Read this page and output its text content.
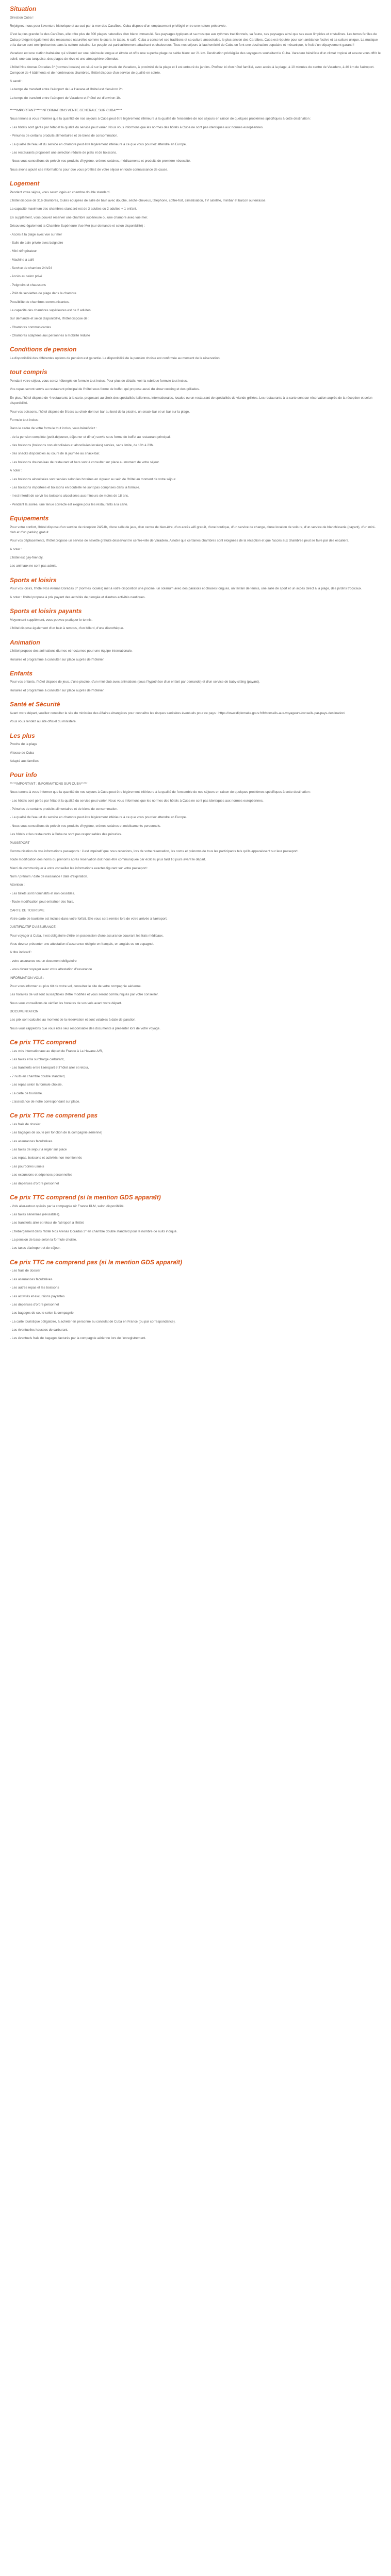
Situation

Direction Cuba !

Rejoignez-nous pour l'aventure historique et au sud par la mer des Caraïbes, Cuba dispose d'un emplacement privilégié entre une nature préservée.

C'est la plus grande île des Caraïbes, elle offre plus de 300 plages naturelles d'un blanc immaculé. Ses paysages typiques et sa musique aux rythmes traditionnels, sa faune, ses paysages ainsi que ses eaux limpides et cristallines. Les terres fertiles de Cuba protègent également des ressources naturelles comme le sucre, le tabac, le café. Cuba a conservé ses traditions et sa culture ancestrales, le plus ancien des Caraïbes. Cuba est réputée pour son ambiance festive et sa culture unique. La musique et la danse sont omniprésentes dans la culture cubaine. Le peuple est particulièrement attachant et chaleureux. Tous nos séjours à l'authenticité de Cuba en font une destination populaire et mécanique, le fruit d'un dépaysement garanti !

Varadero est une station balnéaire qui s'étend sur une péninsule longue et étroite et offre une superbe plage de sable blanc sur 21 km. Destination privilégiée des voyageurs souhaitant le Cuba. Varadero bénéficie d'un climat tropical et assure vous offrir le soleil, une eau turquoise, des plages de rêve et une atmosphère détendue.

L'hôtel Nos Arenas Doradas 3* (normes locales) est situé sur la péninsule de Varadero, à proximité de la plage et il est entouré de jardins. Profitez ici d'un hôtel familial, avec accès à la plage, à 10 minutes du centre de Varadero, à 40 km de l'aéroport. Composé de 4 bâtiments et de nombreuses chambres, l'hôtel dispose d'un service de qualité en soirée.

A savoir :

La temps de transfert entre l'aéroport de La Havane et l'hôtel est d'environ 2h.

La temps de transfert entre l'aéroport de Varadero et l'hôtel est d'environ 1h.

*****IMPORTANT*****INFORMATIONS VENTE GENERALE SUR CUBA*****

Nous tenons à vous informer que la quantité de nos séjours à Cuba peut être légèrement inférieure à la qualité de l'ensemble de nos séjours en raison de quelques problèmes spécifiques à cette destination :

- Les hôtels sont gérés par l'état et la qualité du service peut varier. Nous vous informons que les normes des hôtels à Cuba ne sont pas identiques aux normes européennes.

- Pénuries de certains produits alimentaires et de biens de consommation.

- La qualité de l'eau et du service en chambre peut être légèrement inférieure à ce que vous pourriez attendre en Europe.

- Les restaurants proposent une sélection réduite de plats et de boissons.

- Nous vous conseillons de prévoir vos produits d'hygiène, crèmes solaires, médicaments et produits de première nécessité.

Nous avons ajouté ces informations pour que vous profitiez de votre séjour en toute connaissance de cause.

Logement

Pendant votre séjour, vous serez logés en chambre double standard.

L'hôtel dispose de 316 chambres, toutes équipées de salle de bain avec douche, sèche-cheveux, téléphone, coffre-fort, climatisation, TV satellite, minibar et balcon ou terrasse.

La capacité maximum des chambres standard est de 3 adultes ou 2 adultes + 1 enfant.

En supplément, vous pouvez réserver une chambre supérieure ou une chambre avec vue mer.

Découvrez également la Chambre Supérieure Vue Mer (sur demande et selon disponibilité) :

- Accès à la plage avec vue sur mer

- Salle de bain privée avec baignoire

- Mini réfrigérateur

- Machine à café

- Service de chambre 24h/24

- Accès au salon privé

- Peignoirs et chaussons

- Prêt de serviettes de plage dans la chambre

Possibilité de chambres communicantes.

La capacité des chambres supérieures est de 2 adultes.

Sur demande et selon disponibilité, l'hôtel dispose de :

- Chambres communicantes

- Chambres adaptées aux personnes à mobilité réduite

Conditions de pension

La disponibilité des différentes options de pension est garantie. La disponibilité de la pension choisie est confirmée au moment de la réservation.

tout compris

Pendant votre séjour, vous serez hébergés en formule tout inclus. Pour plus de détails, voir la rubrique formule tout inclus.

Vos repas seront servis au restaurant principal de l'hôtel sous forme de buffet, qui propose aussi du show cooking et des grillades.

En plus, l'hôtel dispose de 4 restaurants à la carte, proposant au choix des spécialités italiennes, internationales, locales ou un restaurant de spécialités de viande grillées. Les restaurants à la carte sont sur réservation auprès de la réception et selon disponibilité.

Pour vos boissons, l'hôtel dispose de 5 bars au choix dont un bar au bord de la piscine, un snack-bar et un bar sur la plage.

Formule tout inclus :

Dans le cadre de votre formule tout inclus, vous bénéficiez :

- de la pension complète (petit-déjeuner, déjeuner et dîner) servie sous forme de buffet au restaurant principal.

- des boissons (boissons non alcoolisées et alcoolisées locales) servies, sans limite, de 10h à 23h.

- des snacks disponibles au cours de la journée au snack-bar.

- Les boissons douces/eau de restaurant et bars sont à consulter sur place au moment de votre séjour.

A noter :

- Les boissons alcoolisées sont servies selon les horaires en vigueur au sein de l'hôtel au moment de votre séjour.

- Les boissons importées et boissons en bouteille ne sont pas comprises dans la formule.

- Il est interdit de servir les boissons alcoolisées aux mineurs de moins de 18 ans.

- Pendant la soirée, une tenue correcte est exigée pour les restaurants à la carte.

Equipements

Pour votre confort, l'hôtel dispose d'un service de réception 24/24h, d'une salle de jeux, d'un centre de bien-être, d'un accès wifi gratuit, d'une boutique, d'un service de change, d'une location de voiture, d'un service de blanchisserie (payant), d'un mini-club et d'un parking gratuit.

Pour vos déplacements, l'hôtel propose un service de navette gratuite desservant le centre-ville de Varadero. A noter que certaines chambres sont éloignées de la réception et que l'accès aux chambres peut se faire par des escaliers.

A noter :

L'hôtel est gay-friendly.

Les animaux ne sont pas admis.

Sports et loisirs

Pour vos loisirs, l'hôtel Nos Arenas Doradas 3* (normes locales) met à votre disposition une piscine, un solarium avec des parasols et chaises longues, un terrain de tennis, une salle de sport et un accès direct à la plage, des jardins tropicaux.

A noter : l'hôtel propose à prix payant des activités de plongée et d'autres activités nautiques.

Sports et loisirs payants

Moyennant supplément, vous pouvez pratiquer le tennis.

L'hôtel dispose également d'un bain à remous, d'un billard, d'une discothèque.

Animation

L'hôtel propose des animations diurnes et nocturnes pour une équipe internationale.

Horaires et programme à consulter sur place auprès de l'hôtelier.

Enfants

Pour vos enfants, l'hôtel dispose de jeux, d'une piscine, d'un mini-club avec animations (sous l'hypothèse d'un enfant par demande) et d'un service de baby-sitting (payant).

Horaires et programme à consulter sur place auprès de l'hôtelier.

Santé et Sécurité

Avant votre départ, veuillez consulter le site du ministère des Affaires étrangères pour connaître les risques sanitaires éventuels pour ce pays : https://www.diplomatie.gouv.fr/fr/conseils-aux-voyageurs/conseils-par-pays-destination/

Vous vous rendez au site officiel du ministère.

Les plus

Proche de la plage

Vitesse de Cuba

Adapté aux familles

Pour info

*****IMPORTANT : INFORMATIONS SUR CUBA*****

Nous tenons à vous informer que la quantité de nos séjours à Cuba peut être légèrement inférieure à la qualité de l'ensemble de nos séjours en raison de quelques problèmes spécifiques à cette destination :

- Les hôtels sont gérés par l'état et la qualité du service peut varier. Nous vous informons que les normes des hôtels à Cuba ne sont pas identiques aux normes européennes.

- Pénuries de certains produits alimentaires et de biens de consommation.

- La qualité de l'eau et du service en chambre peut être légèrement inférieure à ce que vous pourriez attendre en Europe.

- Nous vous conseillons de prévoir vos produits d'hygiène, crèmes solaires et médicaments personnels.

Les hôtels et les restaurants à Cuba ne sont pas responsables des pénuries.

PASSEPORT

Communication de vos informations passeports : il est impératif que nous recevions, lors de votre réservation, les noms et prénoms de tous les participants tels qu'ils apparaissent sur leur passeport.

Toute modification des noms ou prénoms après réservation doit nous être communiquée par écrit au plus tard 10 jours avant le départ.

Merci de communiquer à votre conseiller les informations exactes figurant sur votre passeport :

Nom / prénom / date de naissance / date d'expiration.

Attention :

- Les billets sont nominatifs et non cessibles.

- Toute modification peut entraîner des frais.

CARTE DE TOURISME

Votre carte de tourisme est incluse dans votre forfait. Elle vous sera remise lors de votre arrivée à l'aéroport.

JUSTIFICATIF D'ASSURANCE :

Pour voyager à Cuba, il est obligatoire d'être en possession d'une assurance couvrant les frais médicaux.

Vous devrez présenter une attestation d'assurance rédigée en français, en anglais ou en espagnol.

A titre indicatif :

- votre assurance est un document obligatoire

- vous devez voyager avec votre attestation d'assurance

INFORMATION VOLS :

Pour vous informer au plus tôt de votre vol, consultez le site de votre compagnie aérienne.

Les horaires de vol sont susceptibles d'être modifiés et vous seront communiqués par votre conseiller.

Nous vous conseillons de vérifier les horaires de vos vols avant votre départ.

DOCUMENTATION

Les prix sont calculés au moment de la réservation et sont valables à date de parution.

Nous vous rappelons que vous êtes seul responsable des documents à présenter lors de votre voyage.

Ce prix TTC comprend

- Les vols internationaux au départ de France à La Havane A/R,

- Les taxes et la surcharge carburant,

- Les transferts entre l'aéroport et l'hôtel aller et retour,

- 7 nuits en chambre double standard,

- Les repas selon la formule choisie,

- La carte de tourisme.

- L'assistance de notre correspondant sur place.

Ce prix TTC ne comprend pas

- Les frais de dossier

- Les bagages de soute (en fonction de la compagnie aérienne)

- Les assurances facultatives

- Les taxes de séjour à régler sur place

- Les repas, boissons et activités non mentionnés

- Les pourboires usuels

- Les excursions et dépenses personnelles

- Les dépenses d'ordre personnel

Ce prix TTC comprend (si la mention GDS apparaît)

- Vols aller-retour opérés par la compagnie Air France KLM, selon disponibilité.

- Les taxes aériennes (révisables).

- Les transferts aller et retour de l'aéroport à l'hôtel.

- L'hébergement dans l'hôtel Nos Arenas Doradas 3* en chambre double standard pour le nombre de nuits indiqué.

- La pension de base selon la formule choisie.

- Les taxes d'aéroport et de séjour.

Ce prix TTC ne comprend pas (si la mention GDS apparaît)

- Les frais de dossier

- Les assurances facultatives

- Les autres repas et les boissons

- Les activités et excursions payantes

- Les dépenses d'ordre personnel

- Les bagages de soute selon la compagnie

- La carte touristique obligatoire, à acheter en personne au consulat de Cuba en France (ou par correspondance).

- Les éventuelles hausses de carburant.

- Les éventuels frais de bagages facturés par la compagnie aérienne lors de l'enregistrement.
